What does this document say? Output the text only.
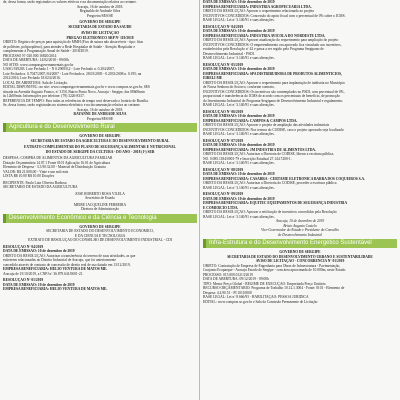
de, dessa forma, serão registrados os valores efetivos e na documentação relativa ao certame.
Aracaju, 16 de outubro de 2018.
Reginaldo de Andrade Silva
Pregoeiro/SES/SE
GOVERNO DE SERGIPE
SECRETARIA DE ESTADO DA SAÚDE
AVISO DE LICITAÇÃO
PREGÃO ELETRÔNICO SRP Nº 119/2018
OBJETO: Registro de preços para aquisição de MMH (Fios de sutura não absorvíveis - tipo: fitas
de poliéster, polipropileno), para atender a Rede Hospitalar de Saúde - Atenção Hospitalar e
complementar à Programação Anual de Saúde - 2018/2019.
PROCESSO Nº 020.000.16820/2014
DATA DE ABERTURA: 14/02/2018 - 09:00h
NO SITIO: www.comprasgovernamentais.gov.br
UASG 929203. Lote Fechado 1 - N 0.2908/0,2 - Lote Fechado n. 0.204/2007,
Lote Fechado n. 0.7047/2007,/04/2007 - Lote Fechado n. 28.03/2005 - 0.2033/2008 n. 0.195; na
2012/2016, Lote Fechado 18.02/4/2016.
LOCAL DE ABERTURA: Sala de Licitação.
EDITAL DISPONÍVEL: no site: www.comprasgovernamentais.gov.br e www.compras.se.gov.br, SES
situada na Avenida Augusto Franco, nº 3150, Bairro Ponto Novo, Aracaju - Sergipe, das 08h00min
às 12h00min. Informações por telefone: (79) 3226-8337.
REFERÊNCIA DE TEMPO: Para todas as referências de tempo será observado o horário de Brasília.
Se, dessa forma, serão registradas no sistema eletrônico e na documentação relativa ao certame.
Aracaju, 16 de outubro de 2018.
RAYANNE DE ANDRADE SILVA
Pregoeira/SES/SE
Agricultura e do Desenvolvimento Rural
GOVERNO DE SERGIPE
SECRETARIA DE ESTADO DA AGRICULTURA E DO DESENVOLVIMENTO RURAL
EXTRATO COMPLEMENTAR DO PLANO DE SEGURANÇA ALIMENTAR E NUTRICIONAL
DO ESTADO DE SERGIPE DA CULTURA - DO ANO - 2018 (1ª) SEB
DESPESA: COMPRA DE ALIMENTOS DA AGRICULTURA FAMILIAR
Dotação Orçamentária 14.07.1 Fonte 0101 Aplicação 16.01 de Agricultura
Elemento de Despesa - 3.3.90.32.00 - Material de Distribuição Gratuita
VALOR: R$ 21.000,00 - Vinte e um mil reais
LISTA R$ 10.00 R$ 10.00 Doações
RECIPIENTE: Paulo Luiz Oliveira Barbosa
SECRETÁRIO DE ESTADO DA AGRICULTURA
JOSÉ ROBERTO ROSA VILELA
Secretário de Estado
MEIRE JACQUELINE FERREIRA
Diretora de Administração
Desenvolvimento Econômico e da Ciência e Tecnologia
GOVERNO DE SERGIPE
SECRETARIA DE ESTADO DO DESENVOLVIMENTO ECONÔMICO,
E DA CIÊNCIA E TECNOLOGIA
EXTRATO DE RESOLUÇÃO DO CONSELHO DE DESENVOLVIMENTO INDUSTRIAL - CDI
RESOLUÇÃO Nº 04/2019
DATA DE EMISSÃO: 10 de dezembro de 2019
OBJETO DA RESOLUÇÃO: Autorizar a transferência do terreno de suas atividades, as que
estiverem relacionadas no Distrito Industrial de Aracaju, que foi anteriormente
concedido através de contrato de concessão de direito real de uso datado em 13/12/2019,
EMPRESA BENEFICIÁRIA: HÉLIO VENTURA DE MATOS ME.
Aracaju de 15/10/2019, a CNPJ nº 36.879.641/0001-21.
RESOLUÇÃO Nº 01/2019
DATA DE EMISSÃO: 10 de dezembro de 2019
EMPRESA BENEFICIÁRIA: HÉLIO VENTURA DE MATOS ME.
DATA DE EMISSÃO: 10 de dezembro de 2019
EMPRESA BENEFICIÁRIA: INDÚSTRIA AGROPECUÁRIA LTDA.
OBJETO DA RESOLUÇÃO: Aprovar o requerimento relacionado ao projeto
INCENTIVOS CONCEDIDOS: Concessão do apoio fiscal com o percentual de 0% sobre o ICMS.
BASE LEGAL: Lei nº 3.140/91 e suas alterações.
RESOLUÇÃO Nº 04/2019
DATA DE EMISSÃO: 10 de dezembro de 2019
EMPRESA BENEFICIÁRIA: INDÚSTRIA AVÍCOLA DO NORDESTE LTDA.
OBJETO DA RESOLUÇÃO: Aprovar atualização do requerimento para ampliação do projeto
INCENTIVOS CONCEDIDOS: O empreendimento ora aprovado fica vinculado aos incentivos,
estabelecidos pela Resolução nº 42 e passa a ser regido pelo Programa Sergipano de
Desenvolvimento Industrial - PSDI.
BASE LEGAL: Lei nº 3.140/91 e suas alterações.
RESOLUÇÃO Nº 05/2019
DATA DE EMISSÃO: 10 de dezembro de 2019
EMPRESA BENEFICIÁRIA: SPA DISTRIBUIDORA DE PRODUTOS ALIMENTÍCIOS,
EIRELI ME
OBJETO DA RESOLUÇÃO: Aprovar o requerimento para implantação de indústria no Município
de Nossa Senhora do Socorro, conforme contrato,
INCENTIVOS CONCEDIDOS: Os incentivos são contemplados no PSDI, com percentual de 0%,
proporcional e transferência do ICMS de acordo com os percentuais de benefício, de promoção
do Investimento Industrial do Programa Sergipano de Desenvolvimento Industrial e regulamento.
BASE LEGAL: Lei nº 3.140/91 e suas alterações.
RESOLUÇÃO Nº 06/2019
DATA DE EMISSÃO: 10 de dezembro de 2019
EMPRESA BENEFICIÁRIA: CAMPOS & CAMPOS LTDA.
OBJETO DA RESOLUÇÃO: Aprovar o projeto de ampliação das atividades industriais
INCENTIVOS CONCEDIDOS: Nos termos do CODISE, caso o projeto aprovado seja localizado
BASE LEGAL: Lei nº 3.140/91 e suas alterações.
RESOLUÇÃO Nº 07/2019
DATA DE EMISSÃO: 10 de dezembro de 2019
EMPRESA BENEFICIÁRIA: JM INDÚSTRIA DE ALIMENTOS LTDA.
OBJETO DA RESOLUÇÃO: Autorizar a Diretoria de CODISE, liberar a escritura pública,
NO. 0.085.1184/0001-79 e Inscrição Estadual 27.144.7200-1.
BASE LEGAL: Lei nº 3.140/91 e suas alterações.
RESOLUÇÃO Nº 08/2019
DATA DE EMISSÃO: 10 de dezembro de 2019
EMPRESA BENEFICIÁRIA: CASARRA - CERTAME ELETRÔNICA BARRA DOS COQUEIROS S.A.
OBJETO DA RESOLUÇÃO: Autorizar a Diretoria do CODISE, proceder a escritura pública
BASE LEGAL: Lei nº 3.140/91 e suas alterações.
RESOLUÇÃO Nº 09/2019
DATA DE EMISSÃO: 10 de dezembro de 2019
EMPRESA BENEFICIÁRIA: EQUITEC EQUIPAMENTOS DE SEGURANÇA INDÚSTRIA
E COMÉRCIO LTDA.
OBJETO DA RESOLUÇÃO: Aprovar a retificação de incentivos concedidos pela Resolução
BASE LEGAL: Lei nº 3.140/91 e suas alterações.
Aracaju, 10 de dezembro de 2019
Brisio Augusto Castelo
Vice-Governador do Estado e Presidente do Conselho
de Desenvolvimento Industrial
Infra-Estrutura e do Desenvolvimento Energético Sustentável
GOVERNO DE SERGIPE
SECRETARIA DE ESTADO DO DESENVOLVIMENTO URBANO E SUSTENTABILIDADE
AVISO DE LICITAÇÃO - CONCORRÊNCIA Nº 01/2019
OBJETO: Contratação de Empresa de Engenharia para Obras de Infraestrutura - Pavimentação,
Conjunto Ecoparque - Aracaju Estado de Sergipe - com área aproximada de 10.000m, neste Estado.
PROCESSO: 015.000.01213/2019
DATA DE ABERTURA: 09/12/2019 - 09:00h
TIPO: Menor Preço Global - REGIME DE EXECUÇÃO: Empreitada Preço Unitário
RECURSO ORÇAMENTÁRIO: Programa de Trabalho 10.12.1.3004 - Fonte: 0101 - Elemento de
Despesa: 4.4.90.51 - PI 10110000
BASE LEGAL: Lei nº 8.666/93 - HABILITAÇÃO: PESSOA JURÍDICA
EDITAL: www.compras.se.gov.br e Sala da Comissão Permanente de Licitação
